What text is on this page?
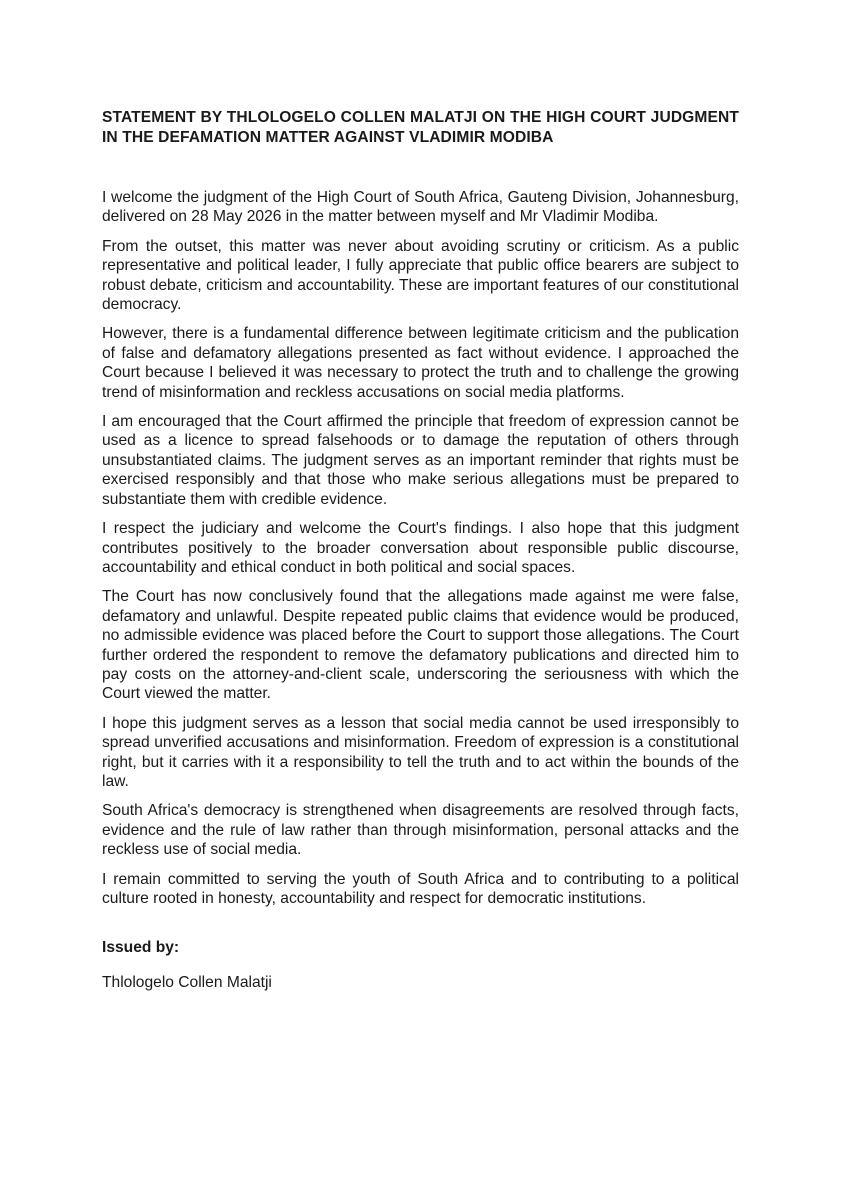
STATEMENT BY THLOLOGELO COLLEN MALATJI ON THE HIGH COURT JUDGMENT IN THE DEFAMATION MATTER AGAINST VLADIMIR MODIBA

I welcome the judgment of the High Court of South Africa, Gauteng Division, Johannesburg, delivered on 28 May 2026 in the matter between myself and Mr Vladimir Modiba.

From the outset, this matter was never about avoiding scrutiny or criticism. As a public representative and political leader, I fully appreciate that public office bearers are subject to robust debate, criticism and accountability. These are important features of our constitutional democracy.

However, there is a fundamental difference between legitimate criticism and the publication of false and defamatory allegations presented as fact without evidence. I approached the Court because I believed it was necessary to protect the truth and to challenge the growing trend of misinformation and reckless accusations on social media platforms.

I am encouraged that the Court affirmed the principle that freedom of expression cannot be used as a licence to spread falsehoods or to damage the reputation of others through unsubstantiated claims. The judgment serves as an important reminder that rights must be exercised responsibly and that those who make serious allegations must be prepared to substantiate them with credible evidence.

I respect the judiciary and welcome the Court's findings. I also hope that this judgment contributes positively to the broader conversation about responsible public discourse, accountability and ethical conduct in both political and social spaces.

The Court has now conclusively found that the allegations made against me were false, defamatory and unlawful. Despite repeated public claims that evidence would be produced, no admissible evidence was placed before the Court to support those allegations. The Court further ordered the respondent to remove the defamatory publications and directed him to pay costs on the attorney-and-client scale, underscoring the seriousness with which the Court viewed the matter.

I hope this judgment serves as a lesson that social media cannot be used irresponsibly to spread unverified accusations and misinformation. Freedom of expression is a constitutional right, but it carries with it a responsibility to tell the truth and to act within the bounds of the law.

South Africa's democracy is strengthened when disagreements are resolved through facts, evidence and the rule of law rather than through misinformation, personal attacks and the reckless use of social media.

I remain committed to serving the youth of South Africa and to contributing to a political culture rooted in honesty, accountability and respect for democratic institutions.

Issued by:

Thlologelo Collen Malatji
